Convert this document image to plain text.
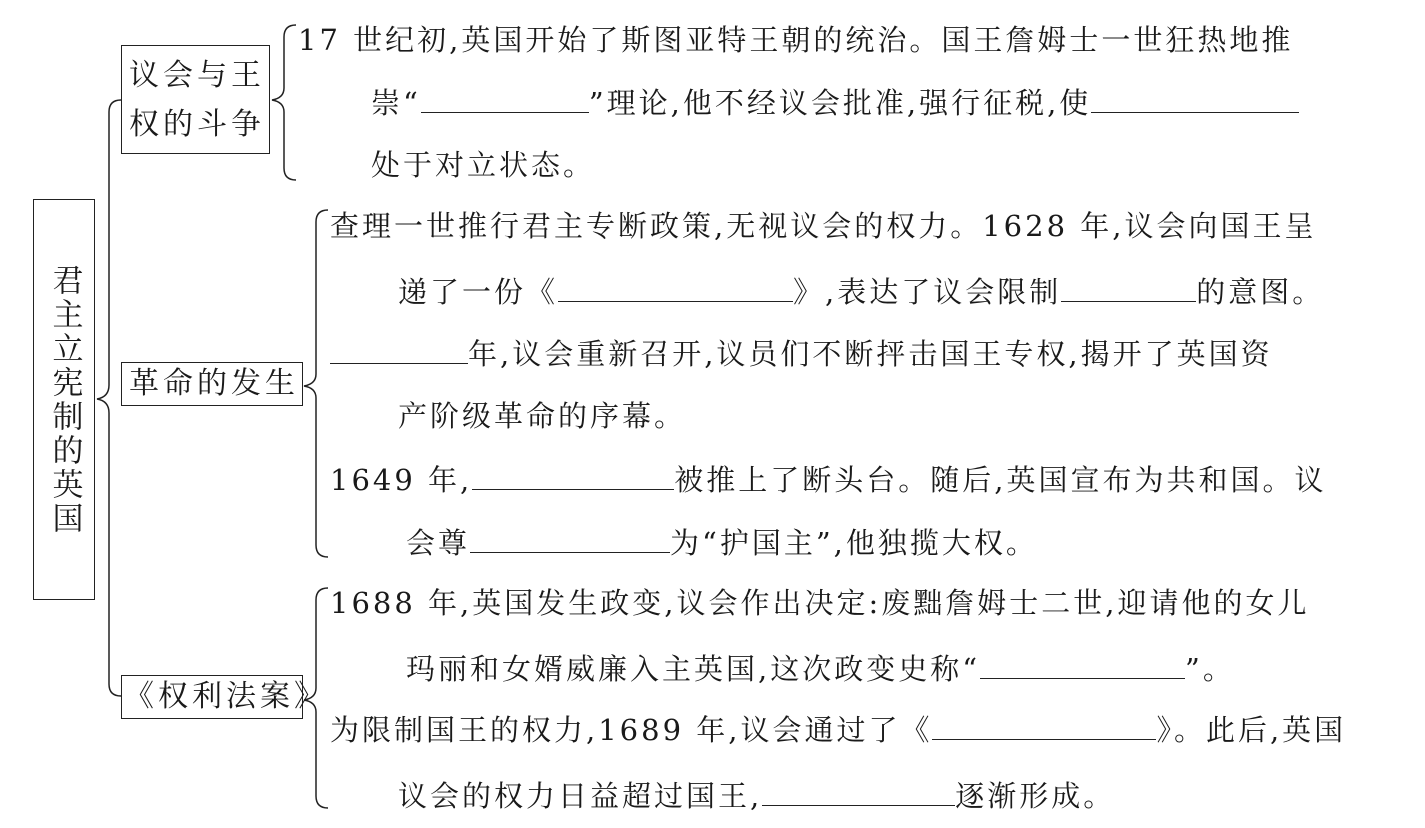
君主立宪制的英国
议会与王
权的斗争
革命的发生
《权利法案》
17 世纪初,英国开始了斯图亚特王朝的统治。国王詹姆士一世狂热地推
崇“	”理论,他不经议会批准,强行征税,使
处于对立状态。
查理一世推行君主专断政策,无视议会的权力。1628 年,议会向国王呈
递了一份《	》,表达了议会限制	的意图。
年,议会重新召开,议员们不断抨击国王专权,揭开了英国资
产阶级革命的序幕。
1649 年,	被推上了断头台。随后,英国宣布为共和国。议
会尊	为“护国主”,他独揽大权。
1688 年,英国发生政变,议会作出决定:废黜詹姆士二世,迎请他的女儿
玛丽和女婿威廉入主英国,这次政变史称“	”。
为限制国王的权力,1689 年,议会通过了《	》。此后,英国
议会的权力日益超过国王,	逐渐形成。
